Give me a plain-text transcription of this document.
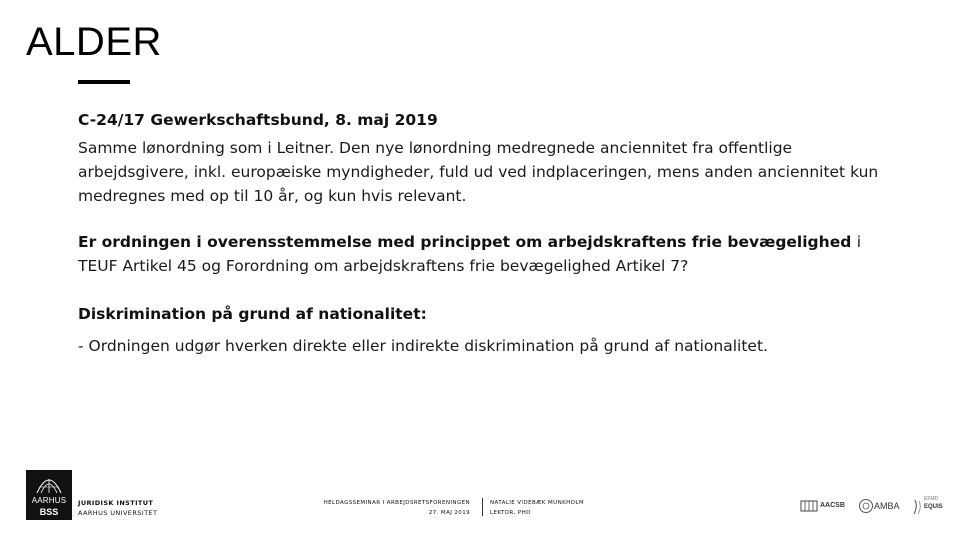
ALDER
C-24/17 Gewerkschaftsbund, 8. maj 2019
Samme lønordning som i Leitner. Den nye lønordning medregnede anciennitet fra offentlige arbejdsgivere, inkl. europæiske myndigheder, fuld ud ved indplaceringen, mens anden anciennitet kun medregnes med op til 10 år, og kun hvis relevant.
Er ordningen i overensstemmelse med princippet om arbejdskraftens frie bevægelighed i TEUF Artikel 45 og Forordning om arbejdskraftens frie bevægelighed Artikel 7?
Diskrimination på grund af nationalitet:
- Ordningen udgør hverken direkte eller indirekte diskrimination på grund af nationalitet.
AARHUS
BSS
JURIDISK INSTITUT
AARHUS UNIVERSITET
HELDAGSSEMINAR I ARBEJDSRETSFORENINGEN
27. MAJ 2019
NATALIE VIDEBÆK MUNKHOLM
LEKTOR, PHD
AACSB	AMBA
EFMD
EQUIS
